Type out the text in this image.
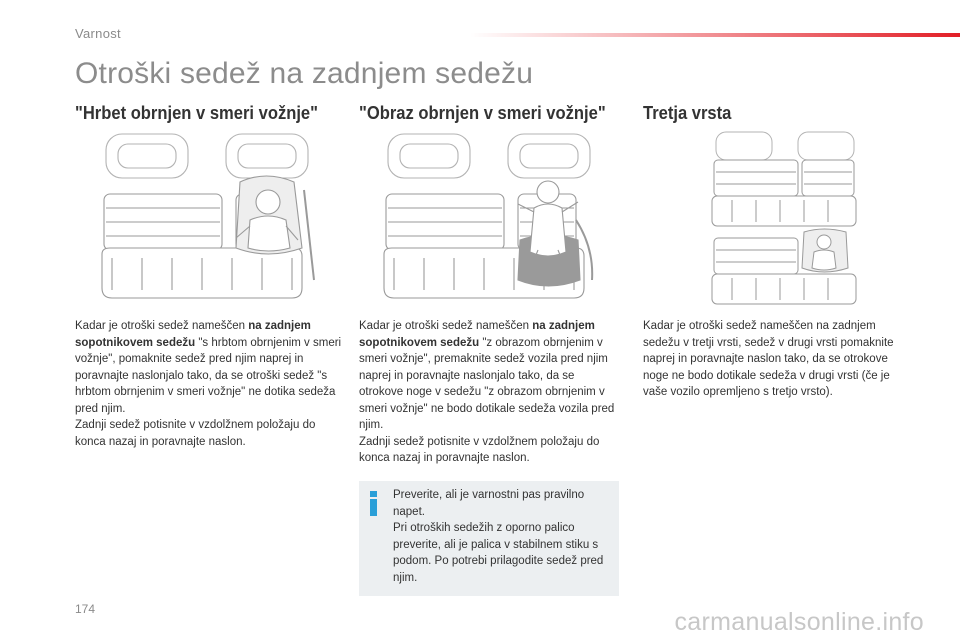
Varnost
Otroški sedež na zadnjem sedežu
"Hrbet obrnjen v smeri vožnje" "Obraz obrnjen v smeri vožnje" Tretja vrsta

Kadar je otroški sedež nameščen na zadnjem sopotnikovem sedežu "s hrbtom obrnjenim v smeri vožnje", pomaknite sedež pred njim naprej in poravnajte naslonjalo tako, da se otroški sedež "s hrbtom obrnjenim v smeri vožnje" ne dotika sedeža pred njim.

Zadnji sedež potisnite v vzdolžnem položaju do konca nazaj in poravnajte naslon.

Kadar je otroški sedež nameščen na zadnjem sopotnikovem sedežu "z obrazom obrnjenim v smeri vožnje", premaknite sedež vozila pred njim naprej in poravnajte naslonjalo tako, da se otrokove noge v sedežu "z obrazom obrnjenim v smeri vožnje" ne bodo dotikale sedeža vozila pred njim.

Zadnji sedež potisnite v vzdolžnem položaju do konca nazaj in poravnajte naslon.

Kadar je otroški sedež nameščen na zadnjem sedežu v tretji vrsti, sedež v drugi vrsti pomaknite naprej in poravnajte naslon tako, da se otrokove noge ne bodo dotikale sedeža v drugi vrsti (če je vaše vozilo opremljeno s tretjo vrsto).

Preverite, ali je varnostni pas pravilno napet.

Pri otroških sedežih z oporno palico preverite, ali je palica v stabilnem stiku s podom. Po potrebi prilagodite sedež pred njim.

174	carmanualsonline.info
